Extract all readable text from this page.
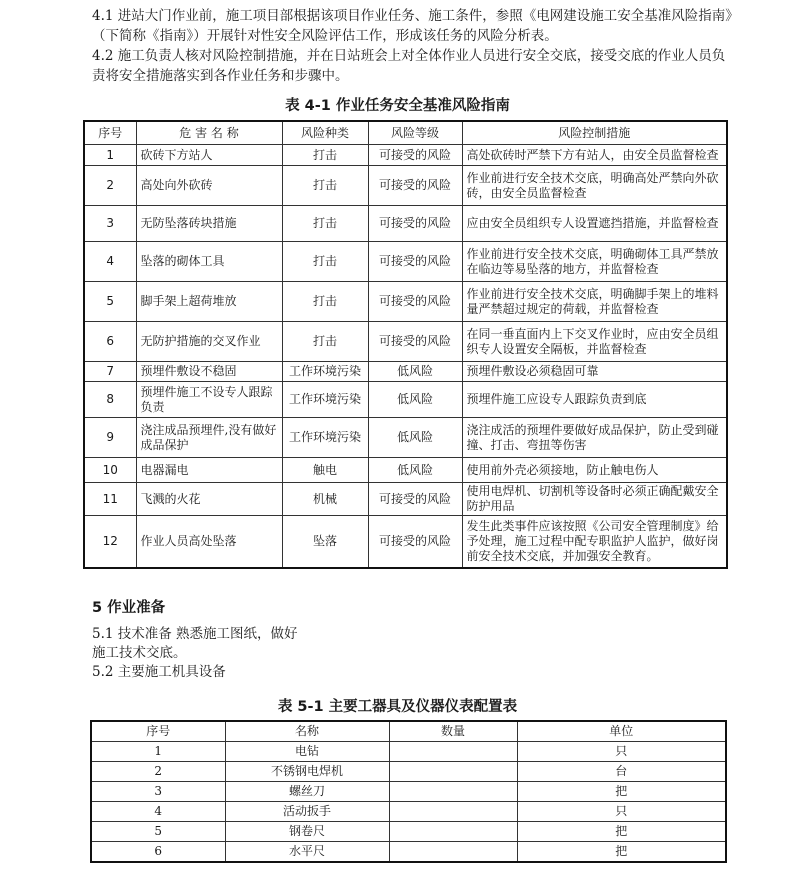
4.1 进站大门作业前，施工项目部根据该项目作业任务、施工条件，参照《电网建设施工安全基准风险指南》（下简称《指南》）开展针对性安全风险评估工作，形成该任务的风险分析表。

4.2 施工负责人核对风险控制措施，并在日站班会上对全体作业人员进行安全交底，接受交底的作业人员负责将安全措施落实到各作业任务和步骤中。

表 4-1 作业任务安全基准风险指南

序号	危 害 名 称	风险种类	风险等级	风险控制措施
1	砍砖下方站人	打击	可接受的风险	高处砍砖时严禁下方有站人，由安全员监督检查
2	高处向外砍砖	打击	可接受的风险	作业前进行安全技术交底，明确高处严禁向外砍砖，由安全员监督检查
3	无防坠落砖块措施	打击	可接受的风险	应由安全员组织专人设置遮挡措施，并监督检查
4	坠落的砌体工具	打击	可接受的风险	作业前进行安全技术交底，明确砌体工具严禁放在临边等易坠落的地方，并监督检查
5	脚手架上超荷堆放	打击	可接受的风险	作业前进行安全技术交底，明确脚手架上的堆料量严禁超过规定的荷载，并监督检查
6	无防护措施的交叉作业	打击	可接受的风险	在同一垂直面内上下交叉作业时，应由安全员组织专人设置安全隔板，并监督检查
7	预埋件敷设不稳固	工作环境污染	低风险	预埋件敷设必须稳固可靠
8	预埋件施工不设专人跟踪负责	工作环境污染	低风险	预埋件施工应设专人跟踪负责到底
9	浇注成品预埋件,没有做好成品保护	工作环境污染	低风险	浇注成活的预埋件要做好成品保护，防止受到碰撞、打击、弯扭等伤害
10	电器漏电	触电	低风险	使用前外壳必须接地，防止触电伤人
11	飞溅的火花	机械	可接受的风险	使用电焊机、切割机等设备时必须正确配戴安全防护用品
12	作业人员高处坠落	坠落	可接受的风险	发生此类事件应该按照《公司安全管理制度》给予处理，施工过程中配专职监护人监护，做好岗前安全技术交底，并加强安全教育。
5 作业准备

5.1 技术准备 熟悉施工图纸，做好

施工技术交底。

5.2 主要施工机具设备

表 5-1 主要工器具及仪器仪表配置表

序号	名称	数量	单位
1	电钻		只
2	不锈钢电焊机		台
3	螺丝刀		把
4	活动扳手		只
5	钢卷尺		把
6	水平尺		把
